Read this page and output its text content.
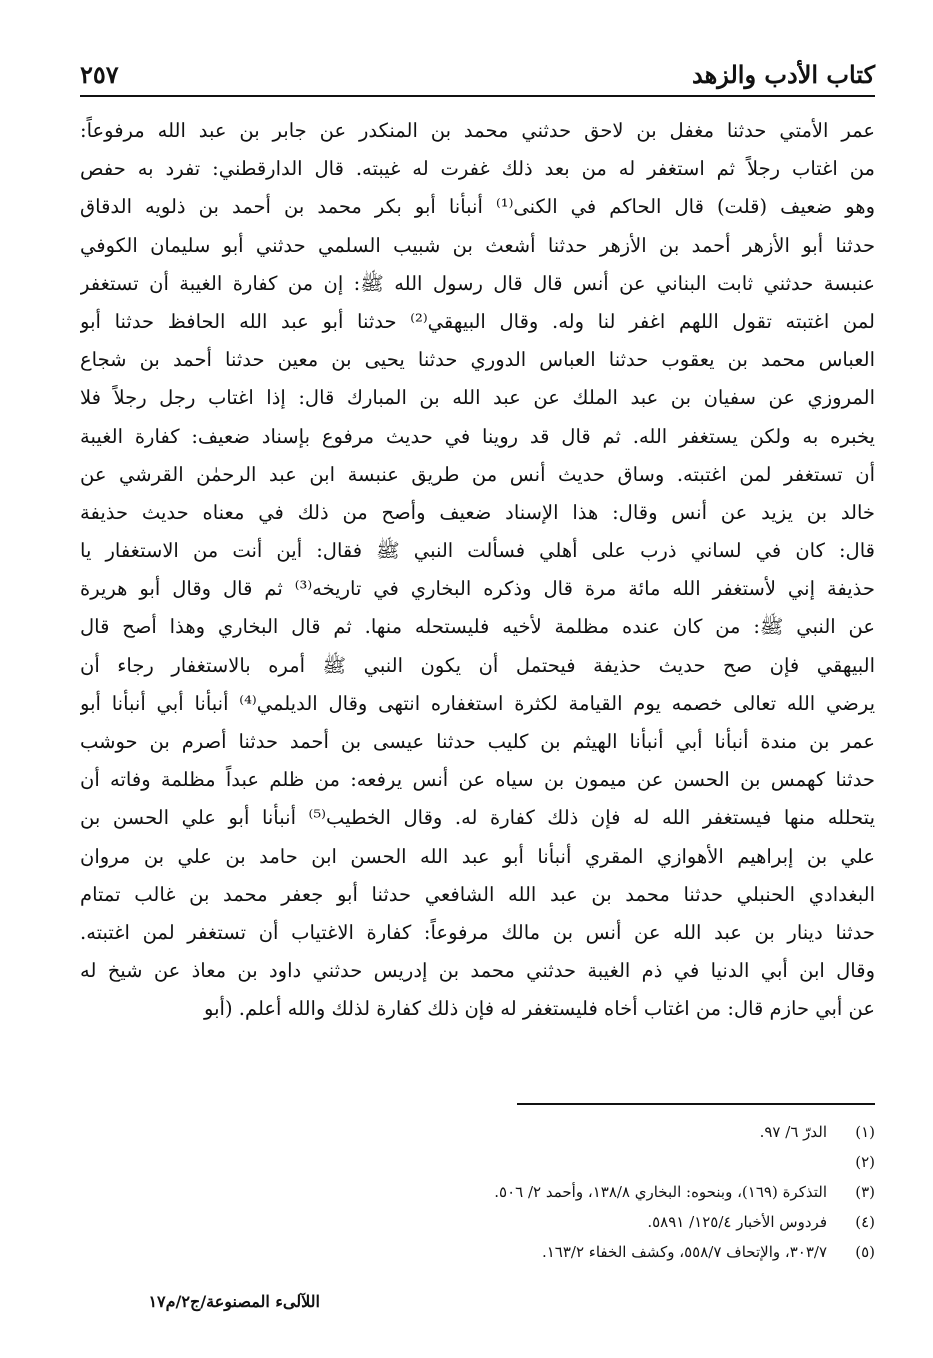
كتاب الأدب والزهد
٢٥٧
عمر الأمتي حدثنا مغفل بن لاحق حدثني محمد بن المنكدر عن جابر بن عبد الله مرفوعاً:
من اغتاب رجلاً ثم استغفر له من بعد ذلك غفرت له غيبته. قال الدارقطني: تفرد به حفص
وهو ضعيف (قلت) قال الحاكم في الكنى⁽¹⁾ أنبأنا أبو بكر محمد بن أحمد بن ذلويه الدقاق
حدثنا أبو الأزهر أحمد بن الأزهر حدثنا أشعث بن شبيب السلمي حدثني أبو سليمان الكوفي
عنبسة حدثني ثابت البناني عن أنس قال قال رسول الله ﷺ: إن من كفارة الغيبة أن تستغفر
لمن اغتبته تقول اللهم اغفر لنا وله. وقال البيهقي⁽²⁾ حدثنا أبو عبد الله الحافظ حدثنا أبو
العباس محمد بن يعقوب حدثنا العباس الدوري حدثنا يحيى بن معين حدثنا أحمد بن شجاع
المروزي عن سفيان بن عبد الملك عن عبد الله بن المبارك قال: إذا اغتاب رجل رجلاً فلا
يخبره به ولكن يستغفر الله. ثم قال قد روينا في حديث مرفوع بإسناد ضعيف: كفارة الغيبة
أن تستغفر لمن اغتبته. وساق حديث أنس من طريق عنبسة ابن عبد الرحمٰن القرشي عن
خالد بن يزيد عن أنس وقال: هذا الإسناد ضعيف وأصح من ذلك في معناه حديث حذيفة
قال: كان في لساني ذرب على أهلي فسألت النبي ﷺ فقال: أين أنت من الاستغفار يا
حذيفة إني لأستغفر الله مائة مرة قال وذكره البخاري في تاريخه⁽³⁾ ثم قال وقال أبو هريرة
عن النبي ﷺ: من كان عنده مظلمة لأخيه فليستحله منها. ثم قال البخاري وهذا أصح قال
البيهقي فإن صح حديث حذيفة فيحتمل أن يكون النبي ﷺ أمره بالاستغفار رجاء أن
يرضي الله تعالى خصمه يوم القيامة لكثرة استغفاره انتهى وقال الديلمي⁽⁴⁾ أنبأنا أبي أنبأنا أبو
عمر بن مندة أنبأنا أبي أنبأنا الهيثم بن كليب حدثنا عيسى بن أحمد حدثنا أصرم بن حوشب
حدثنا كهمس بن الحسن عن ميمون بن سياه عن أنس يرفعه: من ظلم عبداً مظلمة وفاته أن
يتحلله منها فيستغفر الله له فإن ذلك كفارة له. وقال الخطيب⁽⁵⁾ أنبأنا أبو علي الحسن بن
علي بن إبراهيم الأهوازي المقري أنبأنا أبو عبد الله الحسن ابن حامد بن علي بن مروان
البغدادي الحنبلي حدثنا محمد بن عبد الله الشافعي حدثنا أبو جعفر محمد بن غالب تمتام
حدثنا دينار بن عبد الله عن أنس بن مالك مرفوعاً: كفارة الاغتياب أن تستغفر لمن اغتبته.
وقال ابن أبي الدنيا في ذم الغيبة حدثني محمد بن إدريس حدثني داود بن معاذ عن شيخ له
عن أبي حازم قال: من اغتاب أخاه فليستغفر له فإن ذلك كفارة لذلك والله أعلم. (أبو
(١)الدرّ ٦/ ٩٧.
(٢)
(٣)التذكرة (١٦٩)، وبنحوه: البخاري ١٣٨/٨، وأحمد ٢/ ٥٠٦.
(٤)فردوس الأخبار ١٢٥/٤/ ٥٨٩١.
(٥)٣٠٣/٧، والإتحاف ٥٥٨/٧، وكشف الخفاء ١٦٣/٢.
اللآلىء المصنوعة/ج٢/م١٧
